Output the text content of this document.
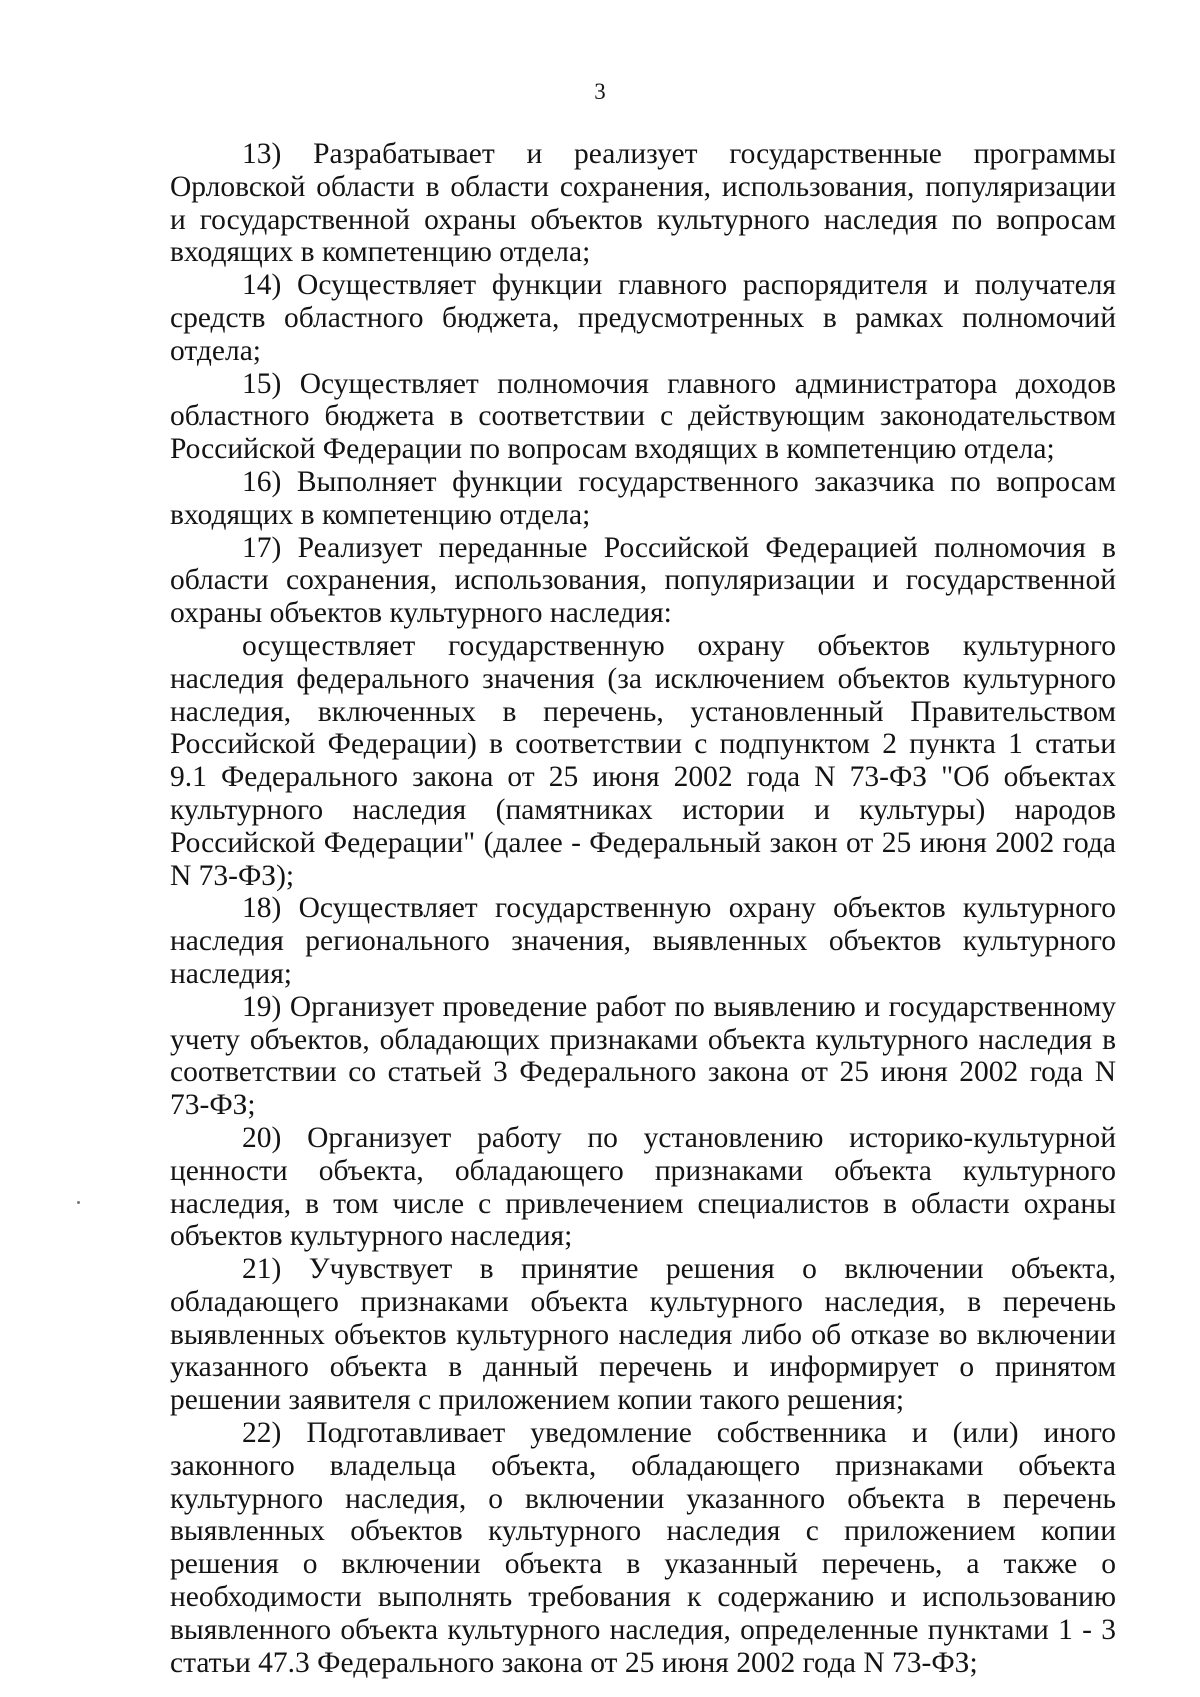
3

13) Разрабатывает и реализует государственные программы Орловской области в области сохранения, использования, популяризации и государственной охраны объектов культурного наследия по вопросам входящих в компетенцию отдела;

14) Осуществляет функции главного распорядителя и получателя средств областного бюджета, предусмотренных в рамках полномочий отдела;

15) Осуществляет полномочия главного администратора доходов областного бюджета в соответствии с действующим законодательством Российской Федерации по вопросам входящих в компетенцию отдела;

16) Выполняет функции государственного заказчика по вопросам входящих в компетенцию отдела;

17) Реализует переданные Российской Федерацией полномочия в области сохранения, использования, популяризации и государственной охраны объектов культурного наследия:

осуществляет государственную охрану объектов культурного наследия федерального значения (за исключением объектов культурного наследия, включенных в перечень, установленный Правительством Российской Федерации) в соответствии с подпунктом 2 пункта 1 статьи 9.1 Федерального закона от 25 июня 2002 года N 73-ФЗ "Об объектах культурного наследия (памятниках истории и культуры) народов Российской Федерации" (далее - Федеральный закон от 25 июня 2002 года N 73-ФЗ);

18) Осуществляет государственную охрану объектов культурного наследия регионального значения, выявленных объектов культурного наследия;

19) Организует проведение работ по выявлению и государственному учету объектов, обладающих признаками объекта культурного наследия в соответствии со статьей 3 Федерального закона от 25 июня 2002 года N 73-ФЗ;

20) Организует работу по установлению историко-культурной ценности объекта, обладающего признаками объекта культурного наследия, в том числе с привлечением специалистов в области охраны объектов культурного наследия;

21) Учувствует в принятие решения о включении объекта, обладающего признаками объекта культурного наследия, в перечень выявленных объектов культурного наследия либо об отказе во включении указанного объекта в данный перечень и информирует о принятом решении заявителя с приложением копии такого решения;

22) Подготавливает уведомление собственника и (или) иного законного владельца объекта, обладающего признаками объекта культурного наследия, о включении указанного объекта в перечень выявленных объектов культурного наследия с приложением копии решения о включении объекта в указанный перечень, а также о необходимости выполнять требования к содержанию и использованию выявленного объекта культурного наследия, определенные пунктами 1 - 3 статьи 47.3 Федерального закона от 25 июня 2002 года N 73-ФЗ;
